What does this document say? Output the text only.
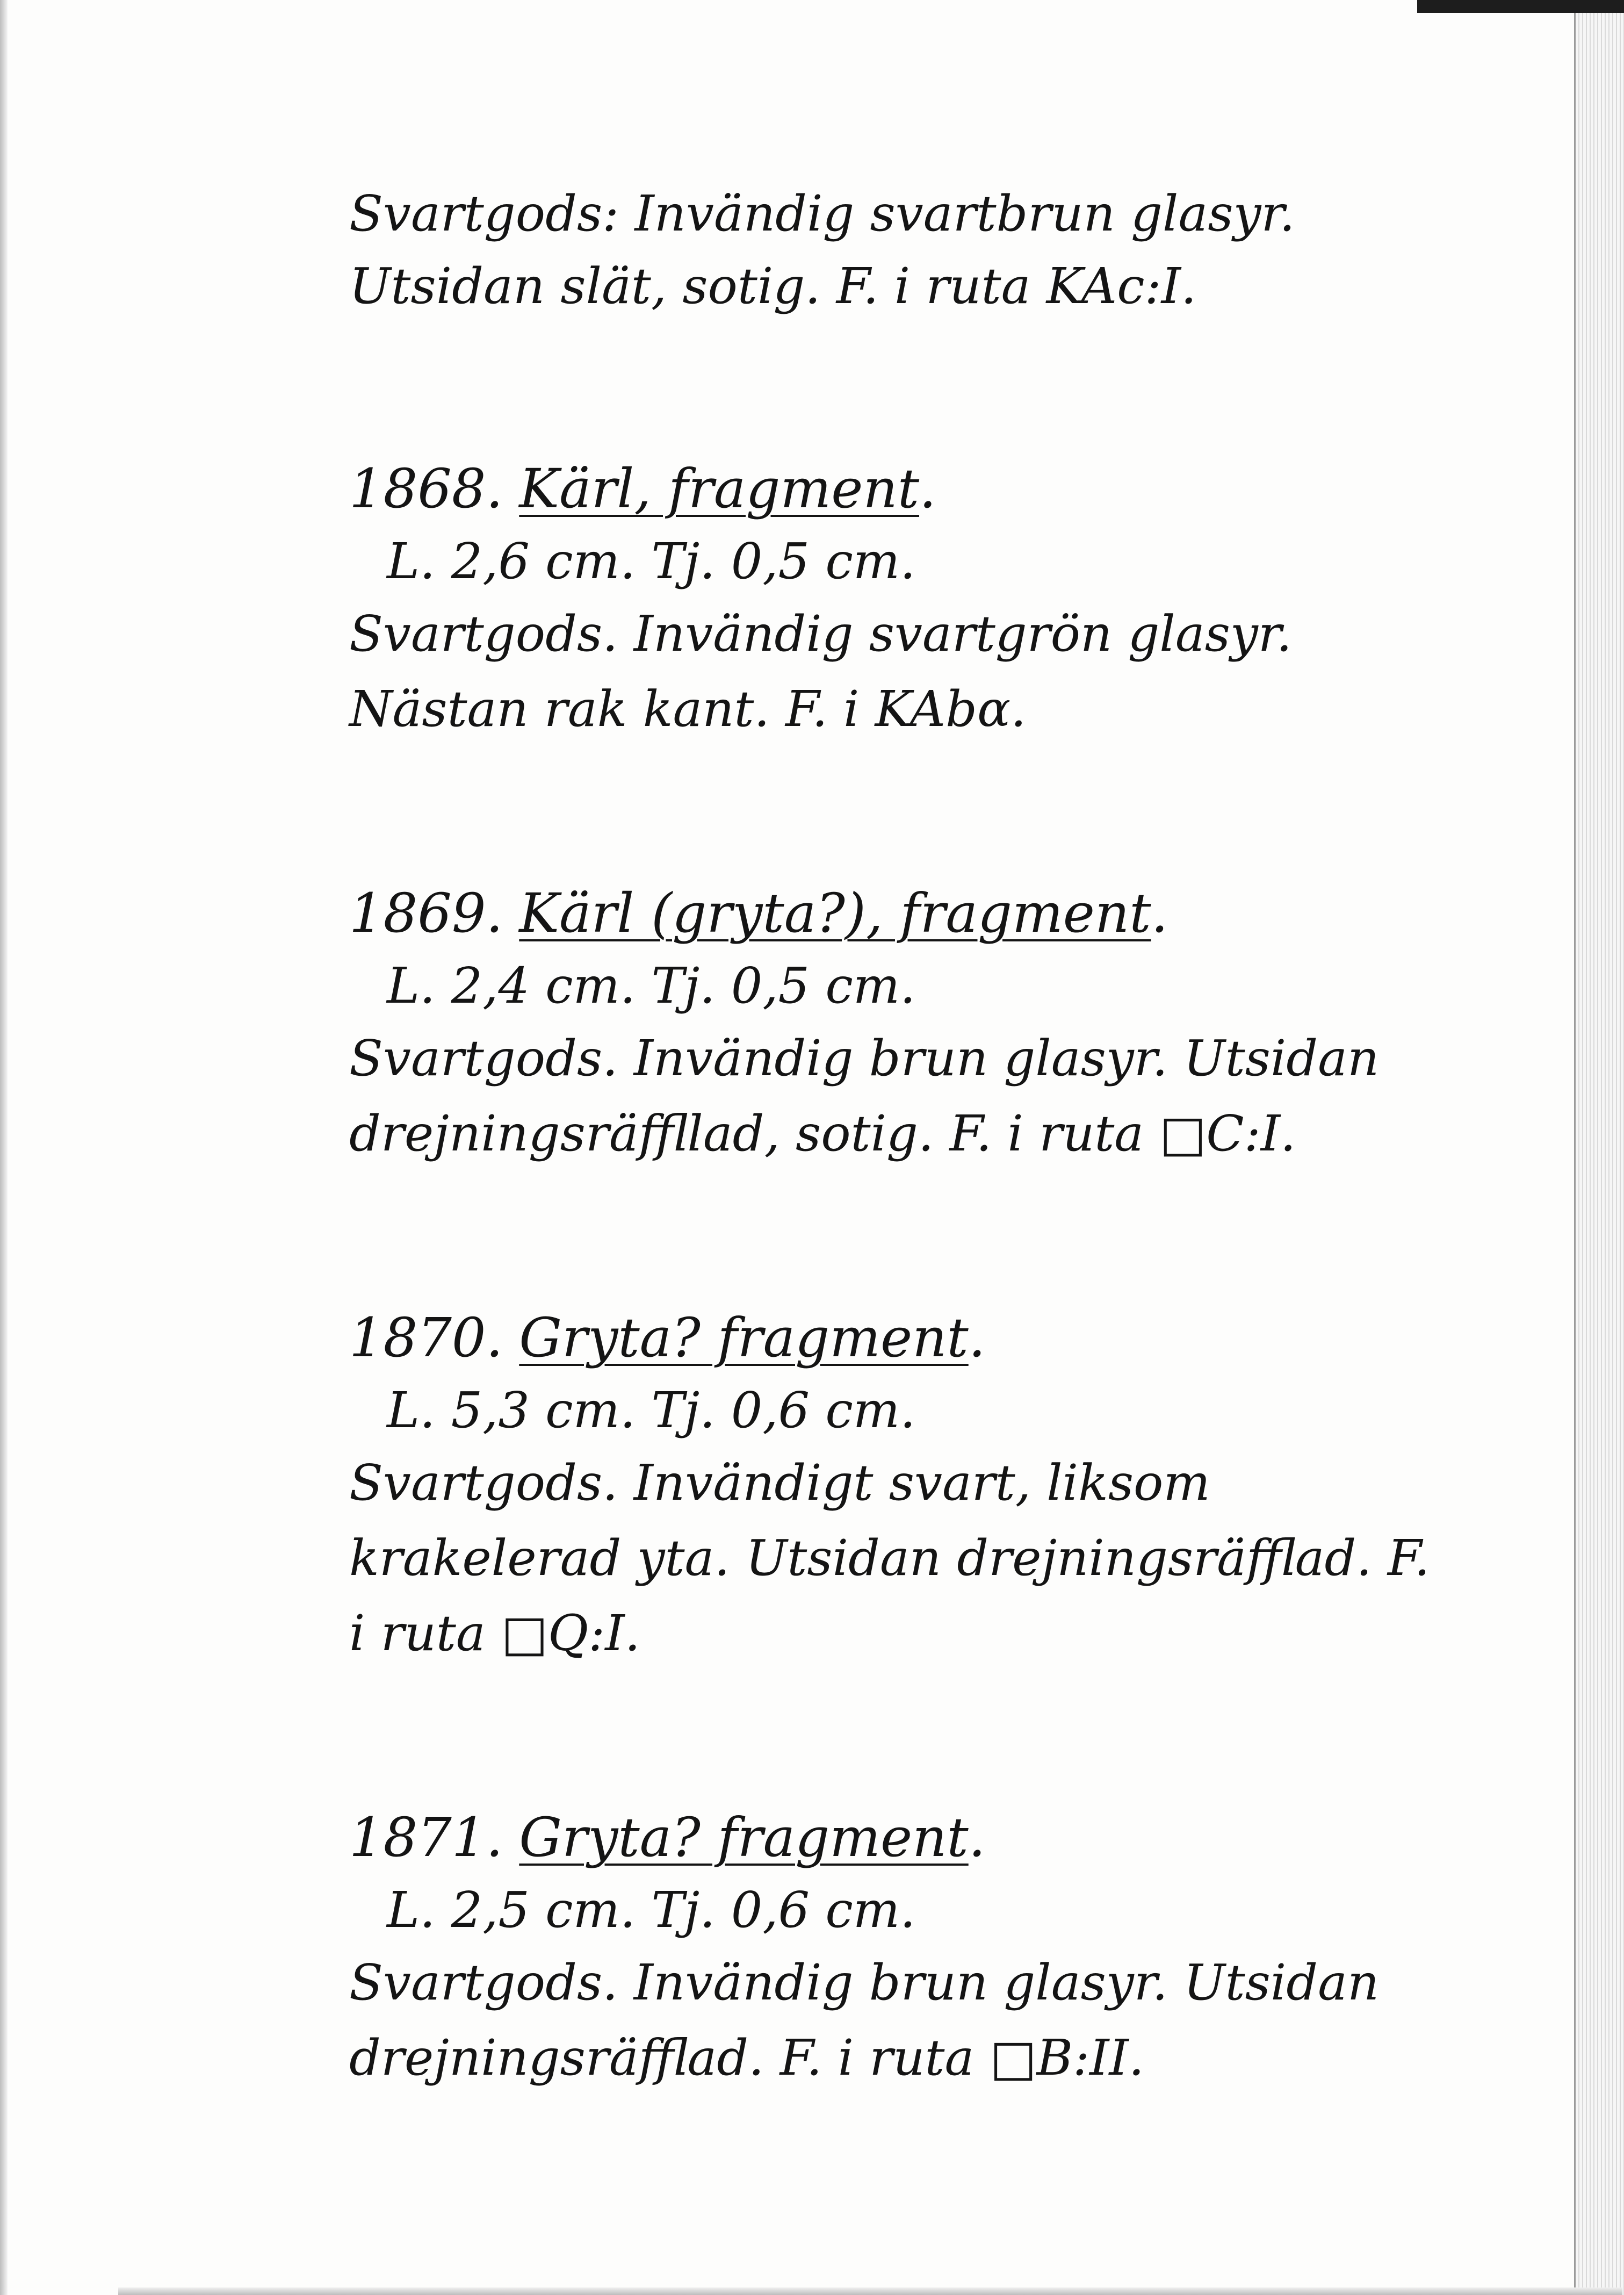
Svartgods: Invändig svartbrun glasyr. Utsidan slät, sotig. F. i ruta KAc:I.

1868. Kärl, fragment.
L. 2,6 cm. Tj. 0,5 cm.
Svartgods. Invändig svartgrön glasyr. Nästan rak kant. F. i KAbα.
1869. Kärl (gryta?), fragment.
L. 2,4 cm. Tj. 0,5 cm.
Svartgods. Invändig brun glasyr. Utsidan drejningsräffllad, sotig. F. i ruta □C:I.
1870. Gryta? fragment.
L. 5,3 cm. Tj. 0,6 cm.
Svartgods. Invändigt svart, liksom krakelerad yta. Utsidan drejningsräfflad. F. i ruta □Q:I.
1871. Gryta? fragment.
L. 2,5 cm. Tj. 0,6 cm.
Svartgods. Invändig brun glasyr. Utsidan drejningsräfflad. F. i ruta □B:II.
